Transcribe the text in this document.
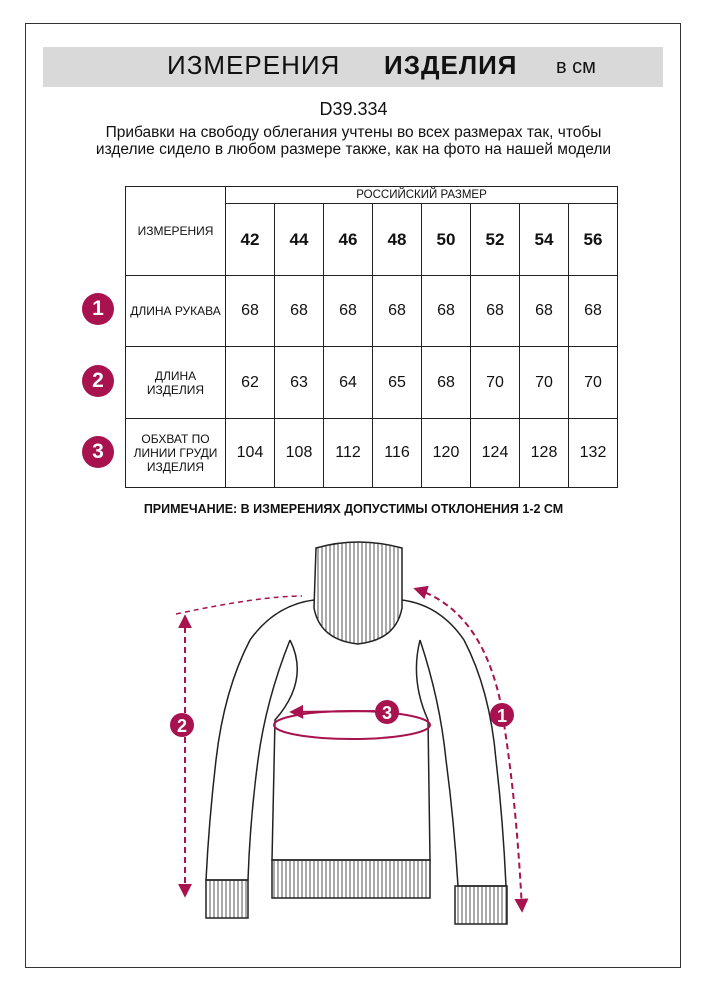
ИЗМЕРЕНИЯ ИЗДЕЛИЯ в см
D39.334
Прибавки на свободу облегания учтены во всех размерах так, чтобы изделие сидело в любом размере также, как на фото на нашей модели
ИЗМЕРЕНИЯ	РОССИЙСКИЙ РАЗМЕР							
	42	44	46	48	50	52	54	56
ДЛИНА РУКАВА	68	68	68	68	68	68	68	68
ДЛИНА ИЗДЕЛИЯ	62	63	64	65	68	70	70	70
ОБХВАТ ПО ЛИНИИ ГРУДИ ИЗДЕЛИЯ	104	108	112	116	120	124	128	132
1
2
3
ПРИМЕЧАНИЕ: В ИЗМЕРЕНИЯХ ДОПУСТИМЫ ОТКЛОНЕНИЯ 1-2 СМ
2
3	1
